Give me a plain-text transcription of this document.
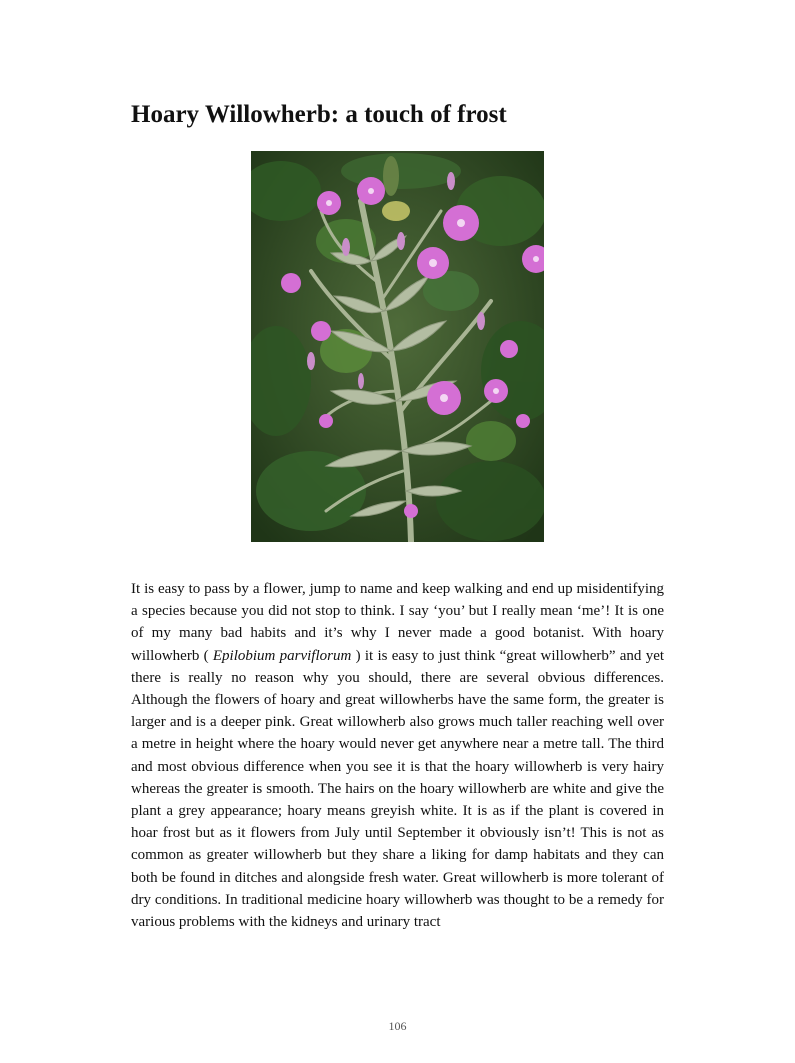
Hoary Willowherb: a touch of frost

It is easy to pass by a flower, jump to name and keep walking and end up misidentifying a species because you did not stop to think. I say ‘you’ but I really mean ‘me’! It is one of my many bad habits and it’s why I never made a good botanist. With hoary willowherb ( Epilobium parviflorum ) it is easy to just think “great willowherb” and yet there is really no reason why you should, there are several obvious differences. Although the flowers of hoary and great willowherbs have the same form, the greater is larger and is a deeper pink. Great willowherb also grows much taller reaching well over a metre in height where the hoary would never get anywhere near a metre tall. The third and most obvious difference when you see it is that the hoary willowherb is very hairy whereas the greater is smooth. The hairs on the hoary willowherb are white and give the plant a grey appearance; hoary means greyish white. It is as if the plant is covered in hoar frost but as it flowers from July until September it obviously isn’t! This is not as common as greater willowherb but they share a liking for damp habitats and they can both be found in ditches and alongside fresh water. Great willowherb is more tolerant of dry conditions. In traditional medicine hoary willowherb was thought to be a remedy for various problems with the kidneys and urinary tract

106
